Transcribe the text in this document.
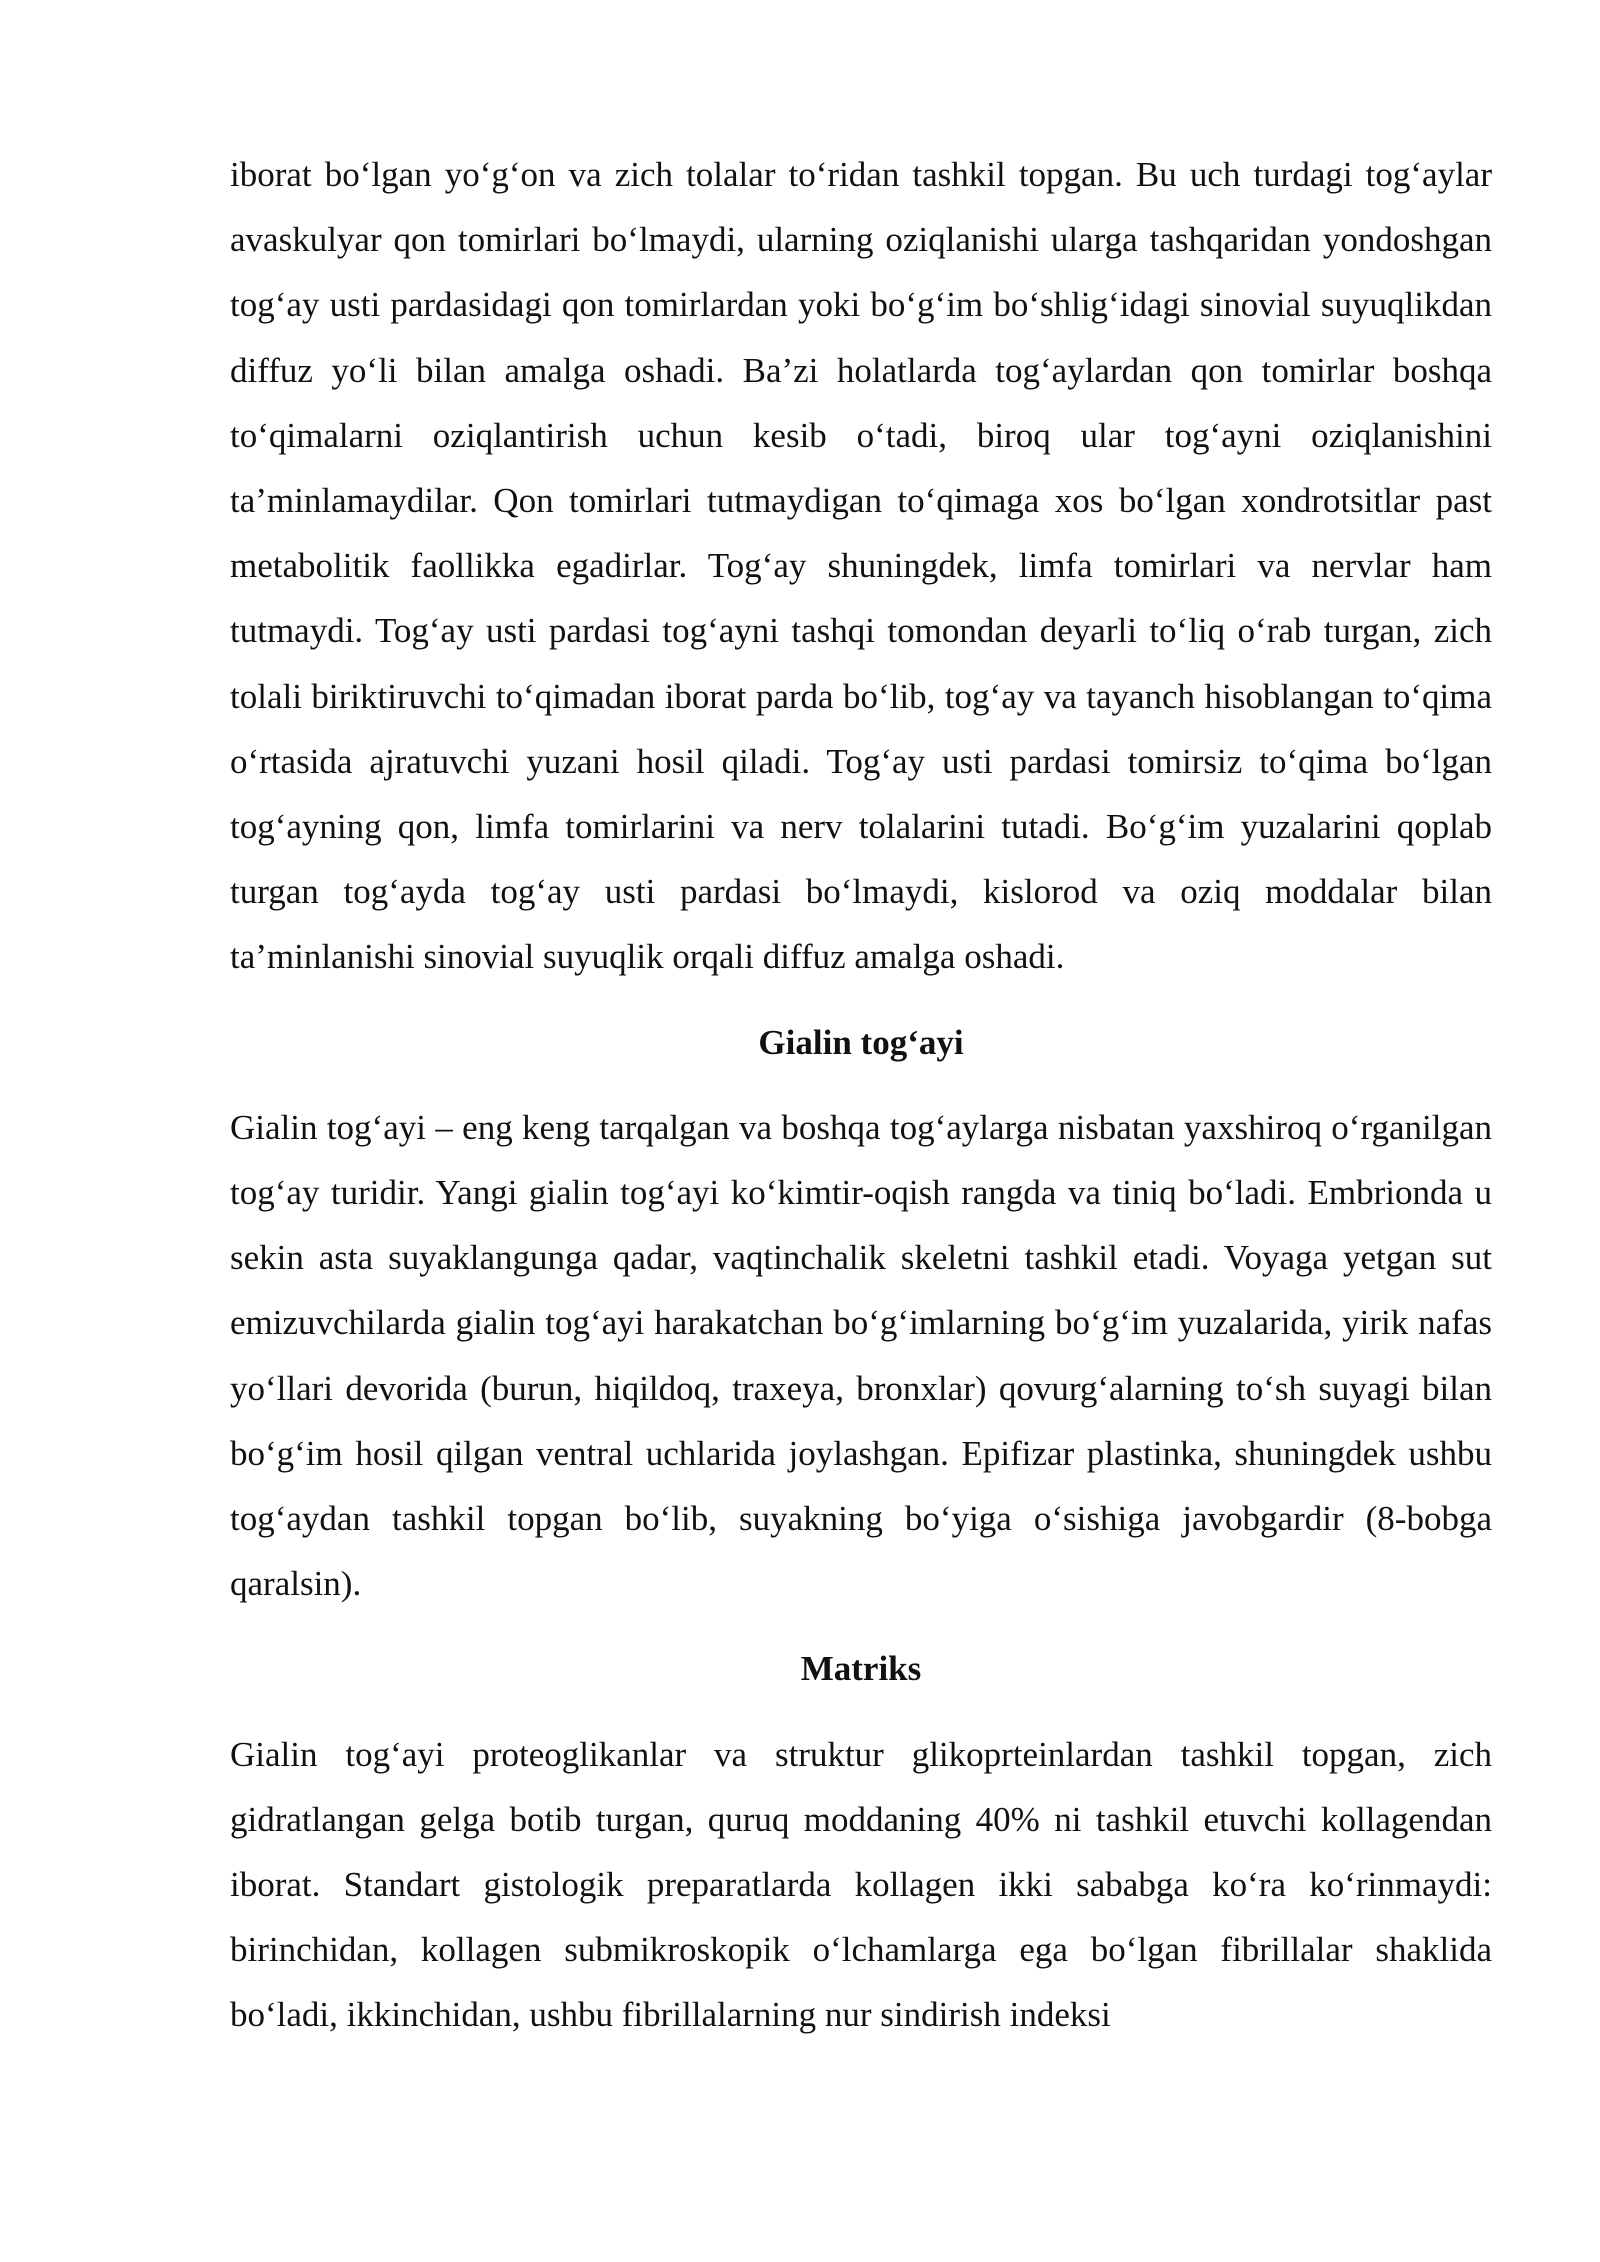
iborat bo‘lgan yo‘g‘on va zich tolalar to‘ridan tashkil topgan. Bu uch turdagi tog‘aylar avaskulyar qon tomirlari bo‘lmaydi, ularning oziqlanishi ularga tashqaridan yondoshgan tog‘ay usti pardasidagi qon tomirlardan yoki bo‘g‘im bo‘shlig‘idagi sinovial suyuqlikdan diffuz yo‘li bilan amalga oshadi. Ba’zi holatlarda tog‘aylardan qon tomirlar boshqa to‘qimalarni oziqlantirish uchun kesib o‘tadi, biroq ular tog‘ayni oziqlanishini ta’minlamaydilar. Qon tomirlari tutmaydigan to‘qimaga xos bo‘lgan xondrotsitlar past metabolitik faollikka egadirlar. Tog‘ay shuningdek, limfa tomirlari va nervlar ham tutmaydi. Tog‘ay usti pardasi tog‘ayni tashqi tomondan deyarli to‘liq o‘rab turgan, zich tolali biriktiruvchi to‘qimadan iborat parda bo‘lib, tog‘ay va tayanch hisoblangan to‘qima o‘rtasida ajratuvchi yuzani hosil qiladi. Tog‘ay usti pardasi tomirsiz to‘qima bo‘lgan tog‘ayning qon, limfa tomirlarini va nerv tolalarini tutadi. Bo‘g‘im yuzalarini qoplab turgan tog‘ayda tog‘ay usti pardasi bo‘lmaydi, kislorod va oziq moddalar bilan ta’minlanishi sinovial suyuqlik orqali diffuz amalga oshadi.

Gialin tog‘ayi

Gialin tog‘ayi – eng keng tarqalgan va boshqa tog‘aylarga nisbatan yaxshiroq o‘rganilgan tog‘ay turidir. Yangi gialin tog‘ayi ko‘kimtir-oqish rangda va tiniq bo‘ladi. Embrionda u sekin asta suyaklangunga qadar, vaqtinchalik skeletni tashkil etadi. Voyaga yetgan sut emizuvchilarda gialin tog‘ayi harakatchan bo‘g‘imlarning bo‘g‘im yuzalarida, yirik nafas yo‘llari devorida (burun, hiqildoq, traxeya, bronxlar) qovurg‘alarning to‘sh suyagi bilan bo‘g‘im hosil qilgan ventral uchlarida joylashgan. Epifizar plastinka, shuningdek ushbu tog‘aydan tashkil topgan bo‘lib, suyakning bo‘yiga o‘sishiga javobgardir (8-bobga qaralsin).

Matriks

Gialin tog‘ayi proteoglikanlar va struktur glikoprteinlardan tashkil topgan, zich gidratlangan gelga botib turgan, quruq moddaning 40% ni tashkil etuvchi kollagendan iborat. Standart gistologik preparatlarda kollagen ikki sababga ko‘ra ko‘rinmaydi: birinchidan, kollagen submikroskopik o‘lchamlarga ega bo‘lgan fibrillalar shaklida bo‘ladi, ikkinchidan, ushbu fibrillalarning nur sindirish indeksi
